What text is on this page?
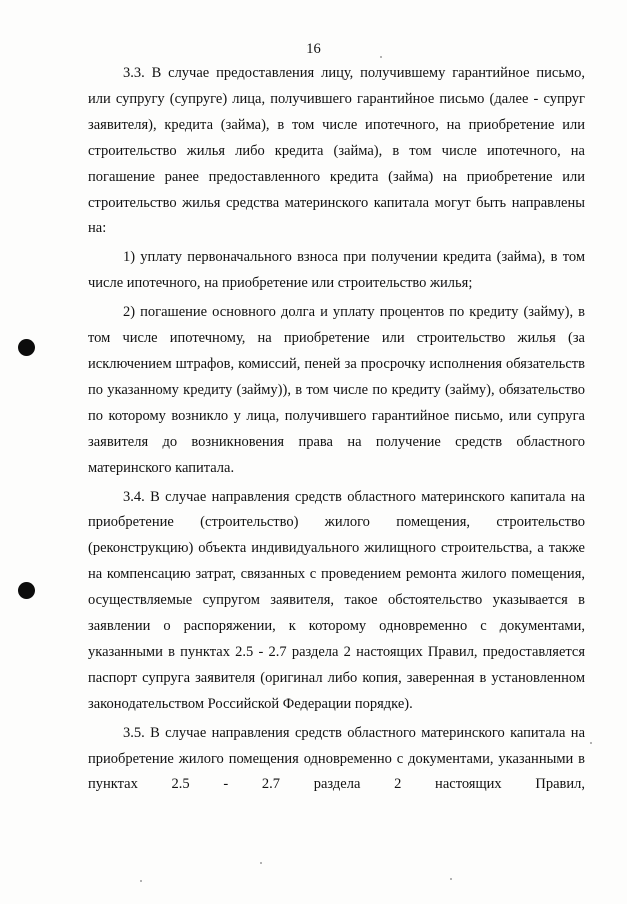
16

3.3. В случае предоставления лицу, получившему гарантийное письмо, или супругу (супруге) лица, получившего гарантийное письмо (далее - супруг заявителя), кредита (займа), в том числе ипотечного, на приобретение или строительство жилья либо кредита (займа), в том числе ипотечного, на погашение ранее предоставленного кредита (займа) на приобретение или строительство жилья средства материнского капитала могут быть направлены на:

1) уплату первоначального взноса при получении кредита (займа), в том числе ипотечного, на приобретение или строительство жилья;

2) погашение основного долга и уплату процентов по кредиту (займу), в том числе ипотечному, на приобретение или строительство жилья (за исключением штрафов, комиссий, пеней за просрочку исполнения обязательств по указанному кредиту (займу)), в том числе по кредиту (займу), обязательство по которому возникло у лица, получившего гарантийное письмо, или супруга заявителя до возникновения права на получение средств областного материнского капитала.

3.4. В случае направления средств областного материнского капитала на приобретение (строительство) жилого помещения, строительство (реконструкцию) объекта индивидуального жилищного строительства, а также на компенсацию затрат, связанных с проведением ремонта жилого помещения, осуществляемые супругом заявителя, такое обстоятельство указывается в заявлении о распоряжении, к которому одновременно с документами, указанными в пунктах 2.5 - 2.7 раздела 2 настоящих Правил, предоставляется паспорт супруга заявителя (оригинал либо копия, заверенная в установленном законодательством Российской Федерации порядке).

3.5. В случае направления средств областного материнского капитала на приобретение жилого помещения одновременно с документами, указанными в пунктах 2.5 - 2.7 раздела 2 настоящих Правил,
